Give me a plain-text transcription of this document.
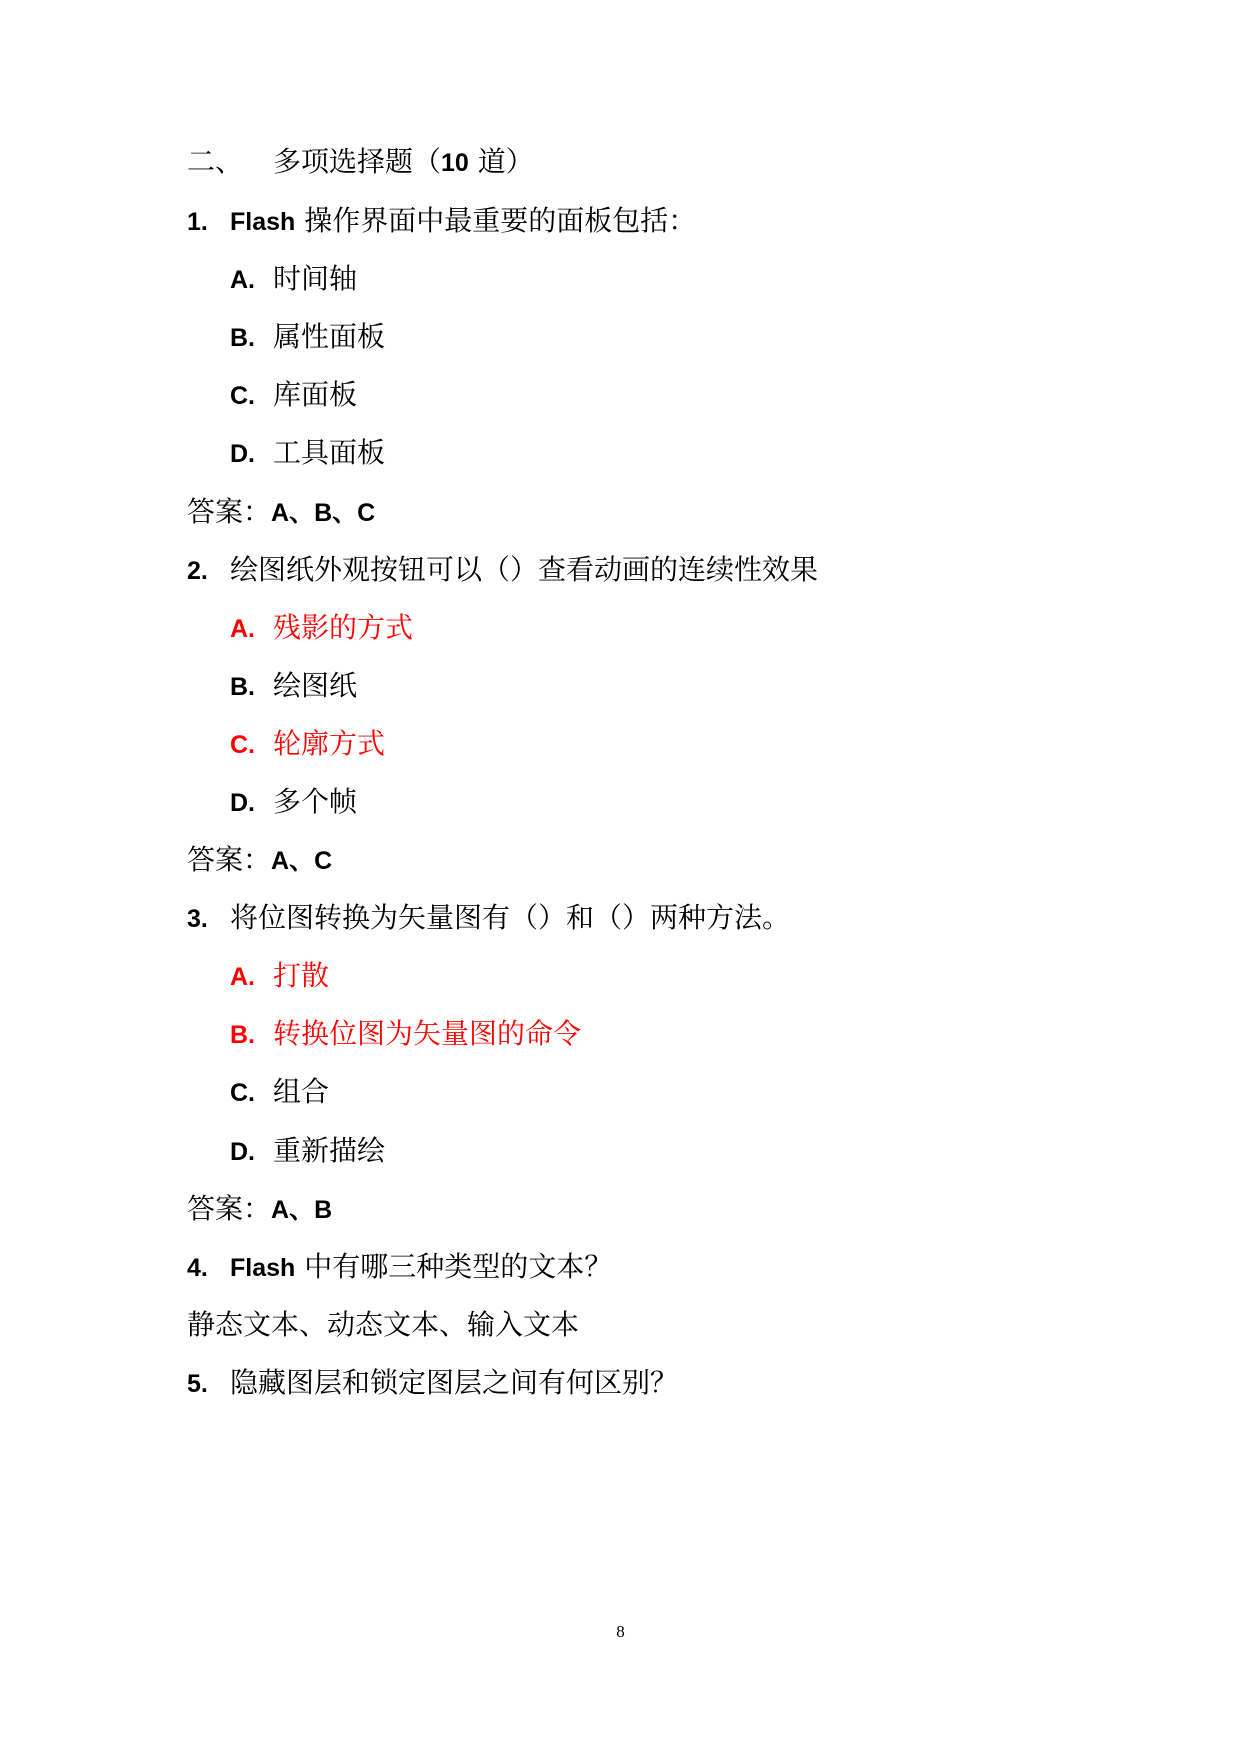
二、 多项选择题（10 道）
1. Flash 操作界面中最重要的面板包括：
A. 时间轴
B. 属性面板
C. 库面板
D. 工具面板
答案：A、B、C
2. 绘图纸外观按钮可以（）查看动画的连续性效果
A. 残影的方式
B. 绘图纸
C. 轮廓方式
D. 多个帧
答案：A、C
3. 将位图转换为矢量图有（）和（）两种方法。
A. 打散
B. 转换位图为矢量图的命令
C. 组合
D. 重新描绘
答案：A、B
4. Flash 中有哪三种类型的文本？
静态文本、动态文本、输入文本
5. 隐藏图层和锁定图层之间有何区别？
8
